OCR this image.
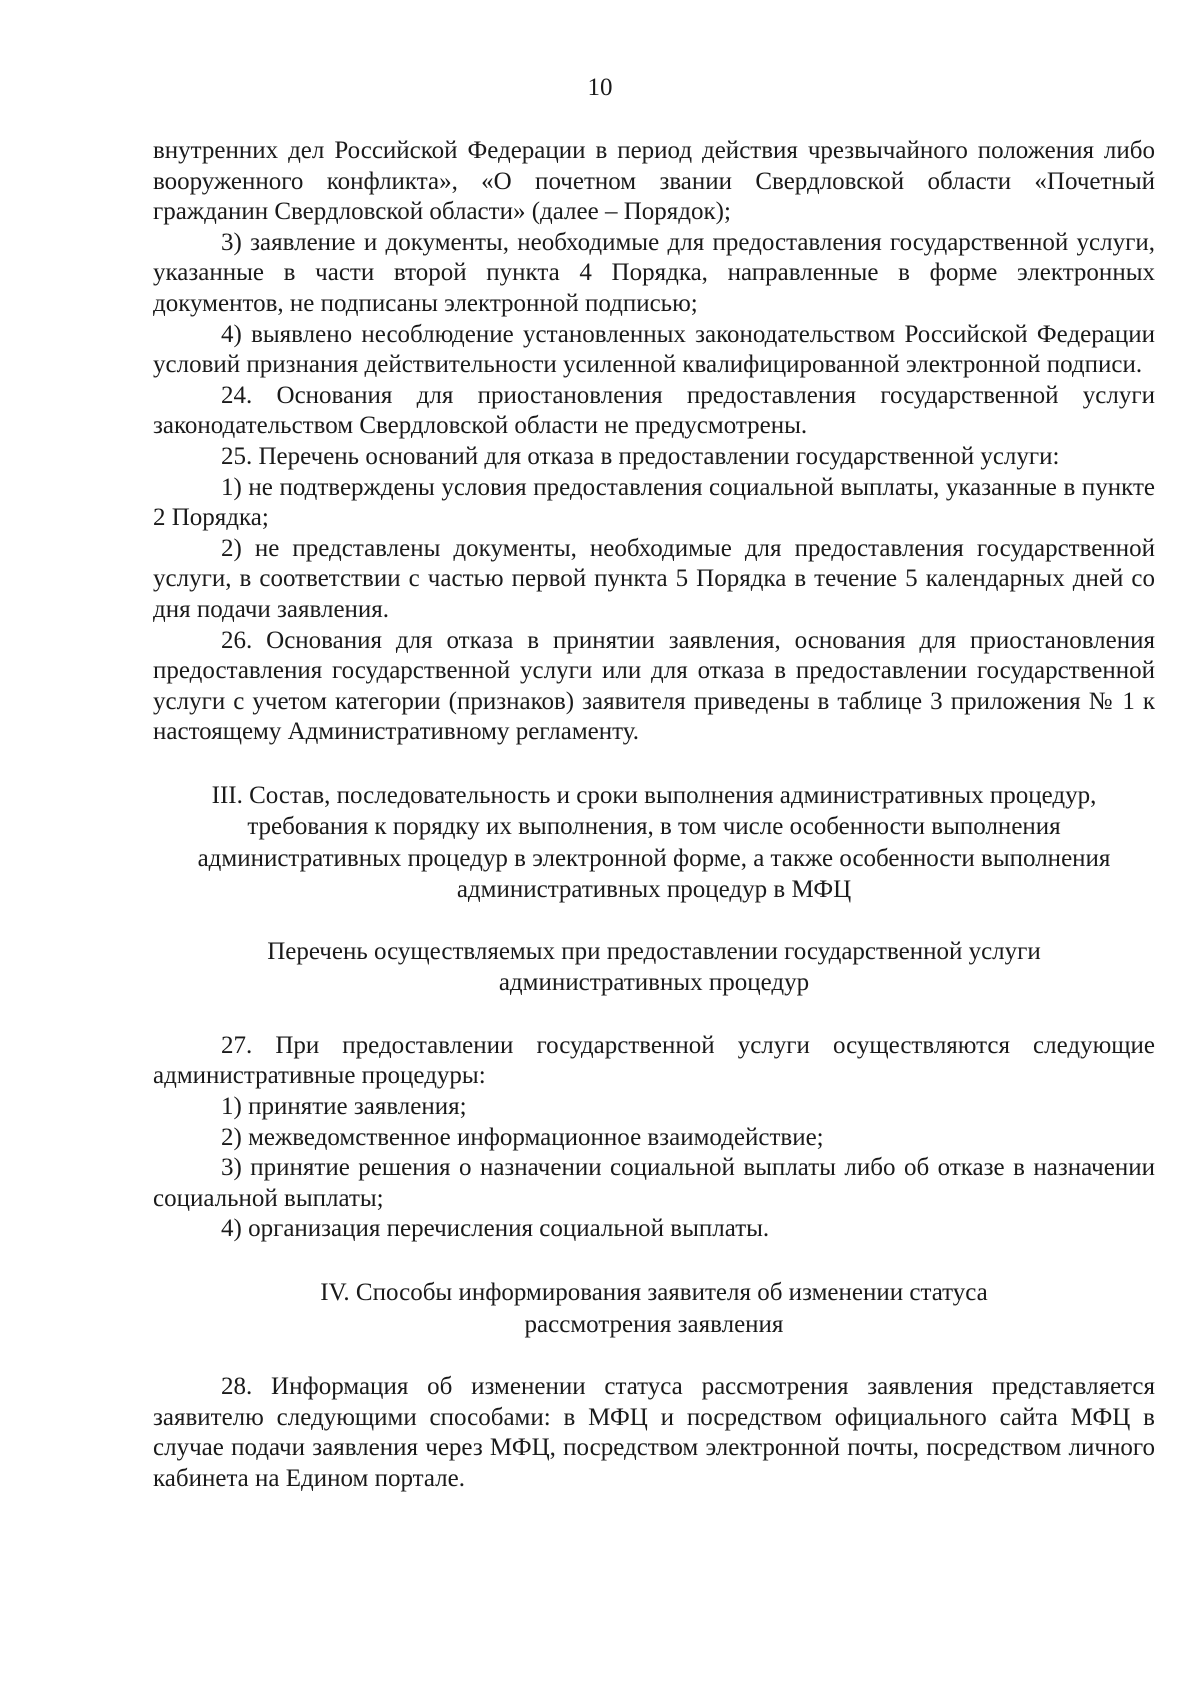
10

внутренних дел Российской Федерации в период действия чрезвычайного положения либо вооруженного конфликта», «О почетном звании Свердловской области «Почетный гражданин Свердловской области» (далее – Порядок);

3) заявление и документы, необходимые для предоставления государственной услуги, указанные в части второй пункта 4 Порядка, направленные в форме электронных документов, не подписаны электронной подписью;

4) выявлено несоблюдение установленных законодательством Российской Федерации условий признания действительности усиленной квалифицированной электронной подписи.

24. Основания для приостановления предоставления государственной услуги законодательством Свердловской области не предусмотрены.

25. Перечень оснований для отказа в предоставлении государственной услуги:

1) не подтверждены условия предоставления социальной выплаты, указанные в пункте 2 Порядка;

2) не представлены документы, необходимые для предоставления государственной услуги, в соответствии с частью первой пункта 5 Порядка в течение 5 календарных дней со дня подачи заявления.

26. Основания для отказа в принятии заявления, основания для приостановления предоставления государственной услуги или для отказа в предоставлении государственной услуги с учетом категории (признаков) заявителя приведены в таблице 3 приложения № 1 к настоящему Административному регламенту.

III. Состав, последовательность и сроки выполнения административных процедур,
требования к порядку их выполнения, в том числе особенности выполнения
административных процедур в электронной форме, а также особенности выполнения
административных процедур в МФЦ
Перечень осуществляемых при предоставлении государственной услуги
административных процедур

27. При предоставлении государственной услуги осуществляются следующие административные процедуры:

1) принятие заявления;

2) межведомственное информационное взаимодействие;

3) принятие решения о назначении социальной выплаты либо об отказе в назначении социальной выплаты;

4) организация перечисления социальной выплаты.

IV. Способы информирования заявителя об изменении статуса
рассмотрения заявления

28. Информация об изменении статуса рассмотрения заявления представляется заявителю следующими способами: в МФЦ и посредством официального сайта МФЦ в случае подачи заявления через МФЦ, посредством электронной почты, посредством личного кабинета на Едином портале.
